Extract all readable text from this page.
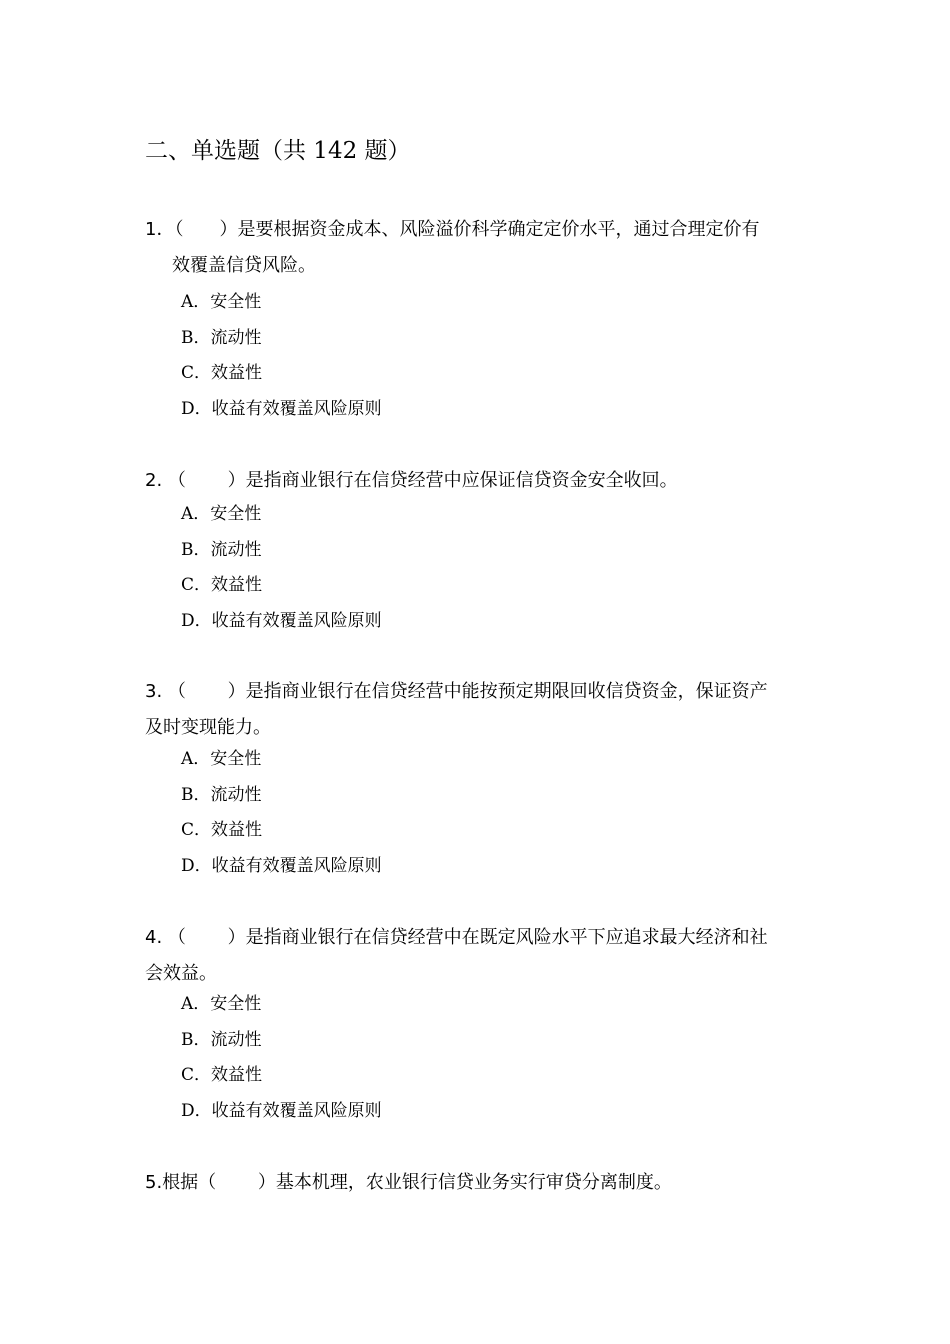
二、单选题（共 142 题）
1．（　　）是要根据资金成本、风险溢价科学确定定价水平，通过合理定价有
效覆盖信贷风险。
A．安全性
B．流动性
C．效益性
D．收益有效覆盖风险原则
2. （　　 ）是指商业银行在信贷经营中应保证信贷资金安全收回。
A．安全性
B．流动性
C．效益性
D．收益有效覆盖风险原则
3. （　　 ）是指商业银行在信贷经营中能按预定期限回收信贷资金，保证资产
及时变现能力。
A．安全性
B．流动性
C．效益性
D．收益有效覆盖风险原则
4. （　　 ）是指商业银行在信贷经营中在既定风险水平下应追求最大经济和社
会效益。
A．安全性
B．流动性
C．效益性
D．收益有效覆盖风险原则
5.根据（　　 ）基本机理，农业银行信贷业务实行审贷分离制度。
